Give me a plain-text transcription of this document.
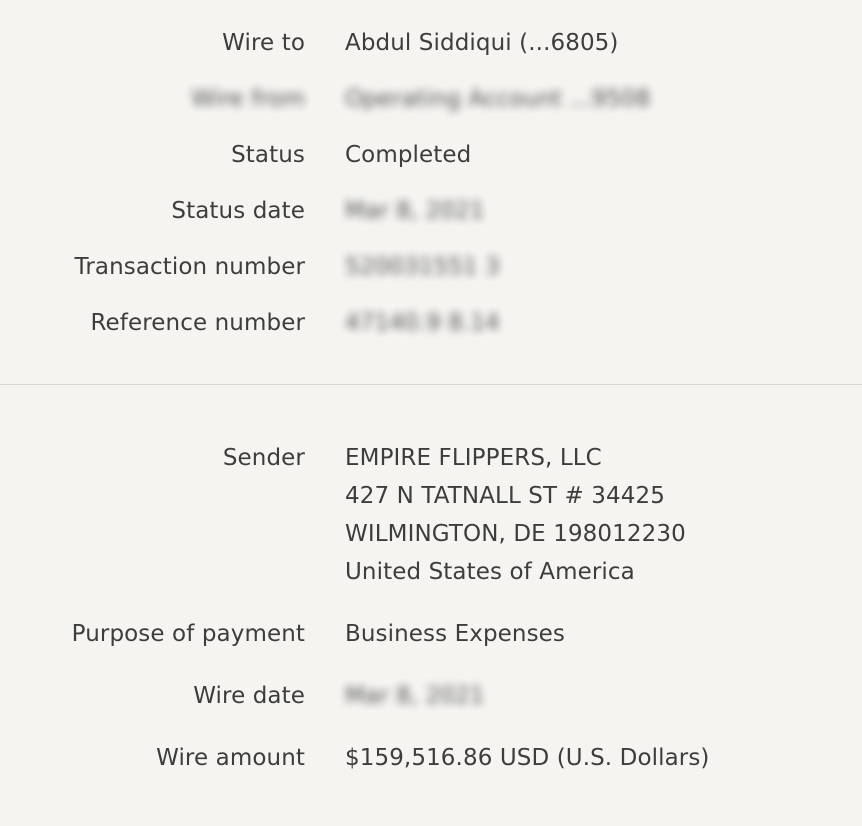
Wire to	Abdul Siddiqui (...6805)
Wire from	Operating Account ...9508
Status	Completed
Status date	Mar 8, 2021
Transaction number	520031551 3
Reference number	47140.9 8.14
Sender EMPIRE FLIPPERS, LLC
427 N TATNALL ST # 34425
WILMINGTON, DE 198012230
United States of America
Purpose of payment	Business Expenses
Wire date	Mar 8, 2021
Wire amount	$159,516.86 USD (U.S. Dollars)
